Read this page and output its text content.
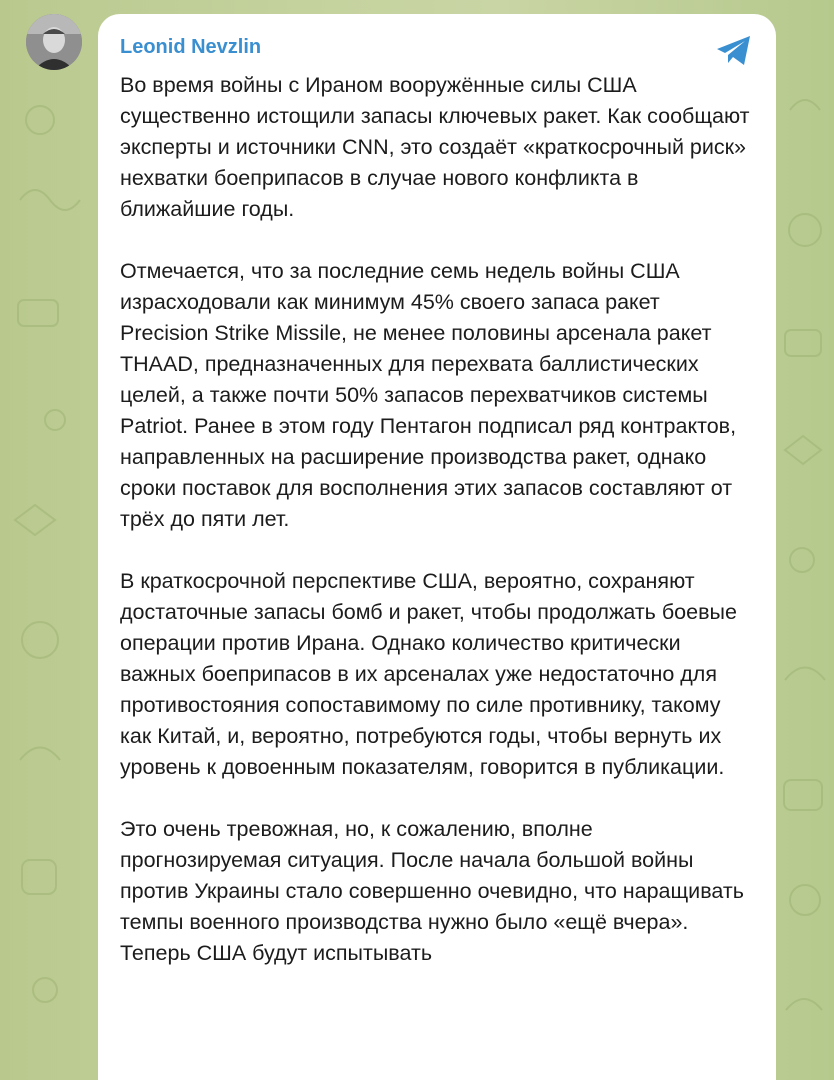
Leonid Nevzlin

Во время войны с Ираном вооружённые силы США существенно истощили запасы ключевых ракет. Как сообщают эксперты и источники CNN, это создаёт «краткосрочный риск» нехватки боеприпасов в случае нового конфликта в ближайшие годы.

Отмечается, что за последние семь недель войны США израсходовали как минимум 45% своего запаса ракет Precision Strike Missile, не менее половины арсенала ракет THAAD, предназначенных для перехвата баллистических целей, а также почти 50% запасов перехватчиков системы Patriot. Ранее в этом году Пентагон подписал ряд контрактов, направленных на расширение производства ракет, однако сроки поставок для восполнения этих запасов составляют от трёх до пяти лет.

В краткосрочной перспективе США, вероятно, сохраняют достаточные запасы бомб и ракет, чтобы продолжать боевые операции против Ирана. Однако количество критически важных боеприпасов в их арсеналах уже недостаточно для противостояния сопоставимому по силе противнику, такому как Китай, и, вероятно, потребуются годы, чтобы вернуть их уровень к довоенным показателям, говорится в публикации.

Это очень тревожная, но, к сожалению, вполне прогнозируемая ситуация. После начала большой войны против Украины стало совершенно очевидно, что наращивать темпы военного производства нужно было «ещё вчера». Теперь США будут испытывать
